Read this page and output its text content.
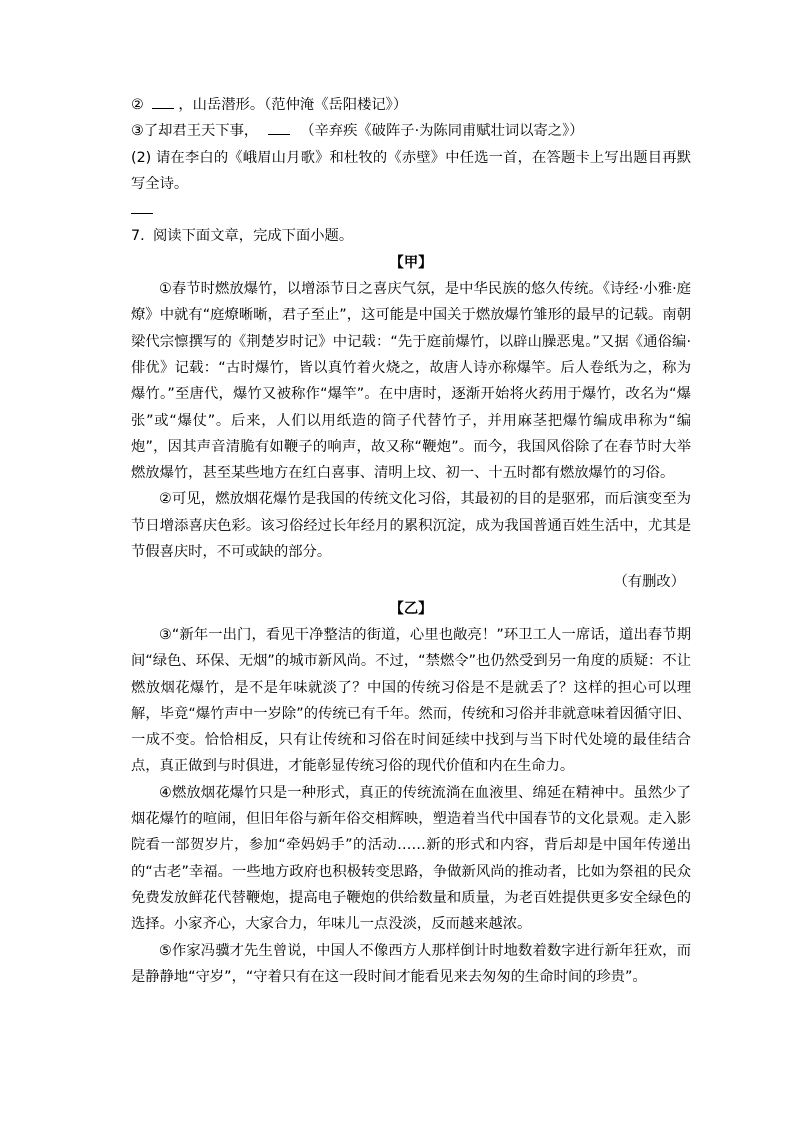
② ，山岳潜形。（范仲淹《岳阳楼记》）
③了却君王天下事，	（辛弃疾《破阵子·为陈同甫赋壮词以寄之》）

(2) 请在李白的《峨眉山月歌》和杜牧的《赤壁》中任选一首，在答题卡上写出题目再默写全诗。

7. 阅读下面文章，完成下面小题。

【甲】

①春节时燃放爆竹，以增添节日之喜庆气氛，是中华民族的悠久传统。《诗经·小雅·庭燎》中就有“庭燎晰晰，君子至止”，这可能是中国关于燃放爆竹雏形的最早的记载。南朝梁代宗懔撰写的《荆楚岁时记》中记载：“先于庭前爆竹，以辟山臊恶鬼。”又据《通俗编·俳优》记载：“古时爆竹，皆以真竹着火烧之，故唐人诗亦称爆竿。后人卷纸为之，称为爆竹。”至唐代，爆竹又被称作“爆竿”。在中唐时，逐渐开始将火药用于爆竹，改名为“爆张”或“爆仗”。后来，人们以用纸造的筒子代替竹子，并用麻茎把爆竹编成串称为“编炮”，因其声音清脆有如鞭子的响声，故又称“鞭炮”。而今，我国风俗除了在春节时大举燃放爆竹，甚至某些地方在红白喜事、清明上坟、初一、十五时都有燃放爆竹的习俗。

②可见，燃放烟花爆竹是我国的传统文化习俗，其最初的目的是驱邪，而后演变至为节日增添喜庆色彩。该习俗经过长年经月的累积沉淀，成为我国普通百姓生活中，尤其是节假喜庆时，不可或缺的部分。

（有删改）

【乙】

③“新年一出门，看见干净整洁的街道，心里也敞亮！”环卫工人一席话，道出春节期间“绿色、环保、无烟”的城市新风尚。不过，“禁燃令”也仍然受到另一角度的质疑：不让燃放烟花爆竹，是不是年味就淡了？中国的传统习俗是不是就丢了？这样的担心可以理解，毕竟“爆竹声中一岁除”的传统已有千年。然而，传统和习俗并非就意味着因循守旧、一成不变。恰恰相反，只有让传统和习俗在时间延续中找到与当下时代处境的最佳结合点，真正做到与时俱进，才能彰显传统习俗的现代价值和内在生命力。

④燃放烟花爆竹只是一种形式，真正的传统流淌在血液里、绵延在精神中。虽然少了烟花爆竹的喧闹，但旧年俗与新年俗交相辉映，塑造着当代中国春节的文化景观。走入影院看一部贺岁片，参加“牵妈妈手”的活动……新的形式和内容，背后却是中国年传递出的“古老”幸福。一些地方政府也积极转变思路，争做新风尚的推动者，比如为祭祖的民众免费发放鲜花代替鞭炮，提高电子鞭炮的供给数量和质量，为老百姓提供更多安全绿色的选择。小家齐心，大家合力，年味儿一点没淡，反而越来越浓。

⑤作家冯骥才先生曾说，中国人不像西方人那样倒计时地数着数字进行新年狂欢，而是静静地“守岁”，“守着只有在这一段时间才能看见来去匆匆的生命时间的珍贵”。
